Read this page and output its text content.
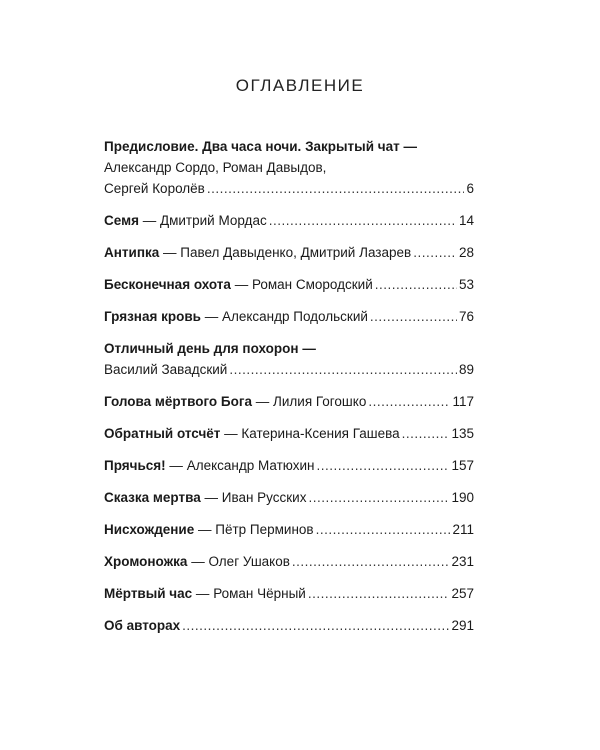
ОГЛАВЛЕНИЕ
Предисловие. Два часа ночи. Закрытый чат —
Александр Сордо, Роман Давыдов,
Сергей Королёв .....	6
Семя — Дмитрий Мордас .....	14
Антипка — Павел Давыденко, Дмитрий Лазарев .....	28
Бесконечная охота — Роман Смородский .....	53
Грязная кровь — Александр Подольский .....	76
Отличный день для похорон —
Василий Завадский .....	89
Голова мёртвого Бога — Лилия Гогошко .....	117
Обратный отсчёт — Катерина-Ксения Гашева .....	135
Прячься! — Александр Матюхин .....	157
Сказка мертва — Иван Русских .....	190
Нисхождение — Пётр Перминов .....	211
Хромоножка — Олег Ушаков .....	231
Мёртвый час — Роман Чёрный .....	257
Об авторах .....	291
